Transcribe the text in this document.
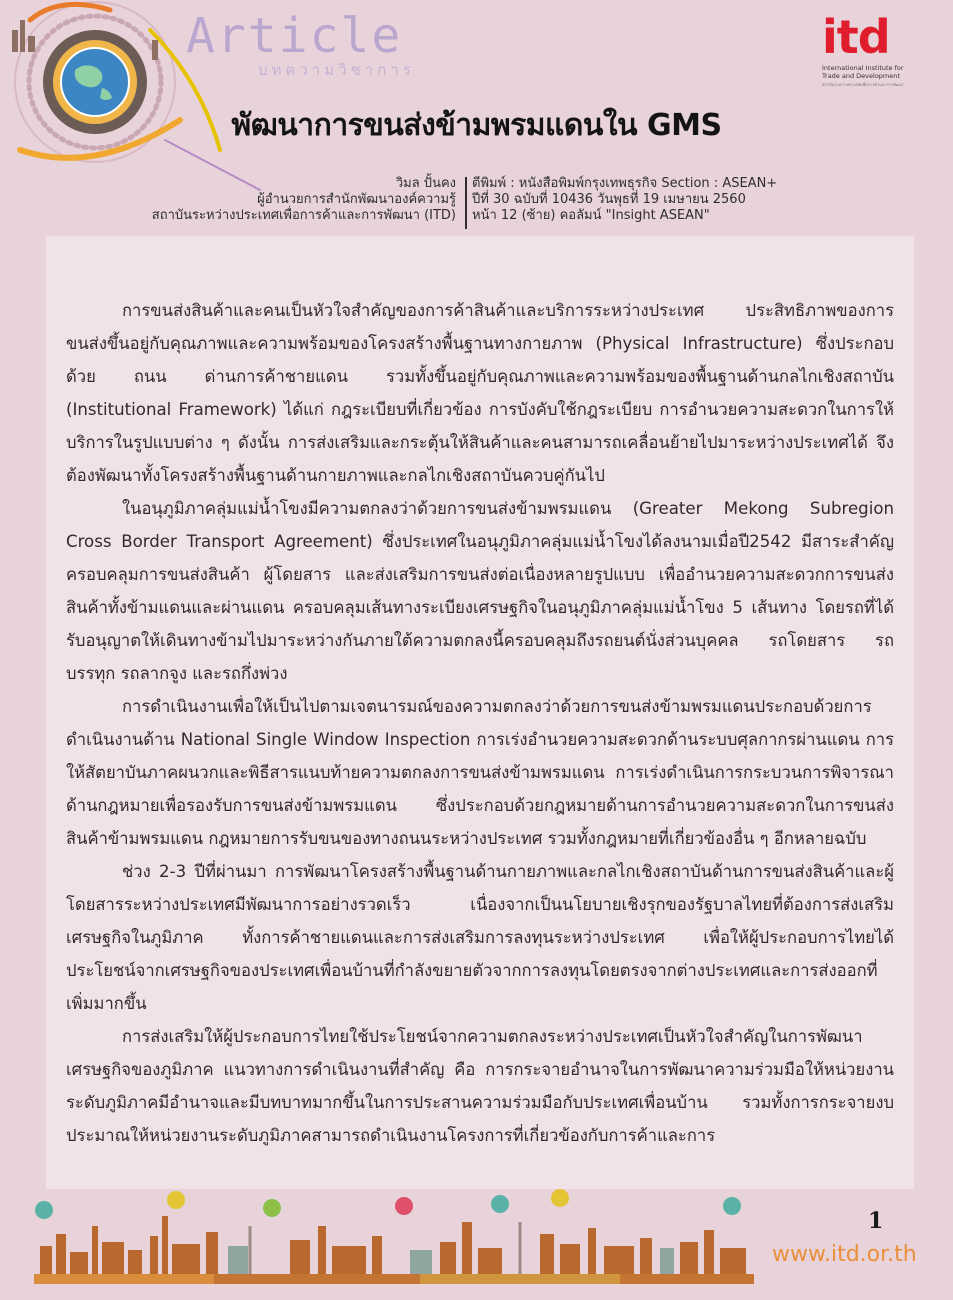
Article
บทความวิชาการ
itd
International Institute for
Trade and Development
สถาบันระหว่างประเทศเพื่อการค้าและการพัฒนา
พัฒนาการขนส่งข้ามพรมแดนใน GMS
วิมล ปั้นคง
ผู้อำนวยการสำนักพัฒนาองค์ความรู้
สถาบันระหว่างประเทศเพื่อการค้าและการพัฒนา (ITD)
ตีพิมพ์ : หนังสือพิมพ์กรุงเทพธุรกิจ Section : ASEAN+
ปีที่ 30 ฉบับที่ 10436 วันพุธที่ 19 เมษายน 2560
หน้า 12 (ซ้าย) คอลัมน์ "Insight ASEAN"

การขนส่งสินค้าและคนเป็นหัวใจสำคัญของการค้าสินค้าและบริการระหว่างประเทศ ประสิทธิภาพของการขนส่งขึ้นอยู่กับคุณภาพและความพร้อมของโครงสร้างพื้นฐานทางกายภาพ (Physical Infrastructure) ซึ่งประกอบด้วย ถนน ด่านการค้าชายแดน รวมทั้งขึ้นอยู่กับคุณภาพและความพร้อมของพื้นฐานด้านกลไกเชิงสถาบัน (Institutional Framework) ได้แก่ กฎระเบียบที่เกี่ยวข้อง การบังคับใช้กฎระเบียบ การอำนวยความสะดวกในการให้บริการในรูปแบบต่าง ๆ ดังนั้น การส่งเสริมและกระตุ้นให้สินค้าและคนสามารถเคลื่อนย้ายไปมาระหว่างประเทศได้ จึงต้องพัฒนาทั้งโครงสร้างพื้นฐานด้านกายภาพและกลไกเชิงสถาบันควบคู่กันไป

ในอนุภูมิภาคลุ่มแม่น้ำโขงมีความตกลงว่าด้วยการขนส่งข้ามพรมแดน (Greater Mekong Subregion Cross Border Transport Agreement) ซึ่งประเทศในอนุภูมิภาคลุ่มแม่น้ำโขงได้ลงนามเมื่อปี2542 มีสาระสำคัญครอบคลุมการขนส่งสินค้า ผู้โดยสาร และส่งเสริมการขนส่งต่อเนื่องหลายรูปแบบ เพื่ออำนวยความสะดวกการขนส่งสินค้าทั้งข้ามแดนและผ่านแดน ครอบคลุมเส้นทางระเบียงเศรษฐกิจในอนุภูมิภาคลุ่มแม่น้ำโขง 5 เส้นทาง โดยรถที่ได้รับอนุญาตให้เดินทางข้ามไปมาระหว่างกันภายใต้ความตกลงนี้ครอบคลุมถึงรถยนต์นั่งส่วนบุคคล รถโดยสาร รถบรรทุก รถลากจูง และรถกึ่งพ่วง

การดำเนินงานเพื่อให้เป็นไปตามเจตนารมณ์ของความตกลงว่าด้วยการขนส่งข้ามพรมแดนประกอบด้วยการดำเนินงานด้าน National Single Window Inspection การเร่งอำนวยความสะดวกด้านระบบศุลกากรผ่านแดน การให้สัตยาบันภาคผนวกและพิธีสารแนบท้ายความตกลงการขนส่งข้ามพรมแดน การเร่งดำเนินการกระบวนการพิจารณาด้านกฎหมายเพื่อรองรับการขนส่งข้ามพรมแดน ซึ่งประกอบด้วยกฎหมายด้านการอำนวยความสะดวกในการขนส่งสินค้าข้ามพรมแดน กฎหมายการรับขนของทางถนนระหว่างประเทศ รวมทั้งกฎหมายที่เกี่ยวข้องอื่น ๆ อีกหลายฉบับ

ช่วง 2-3 ปีที่ผ่านมา การพัฒนาโครงสร้างพื้นฐานด้านกายภาพและกลไกเชิงสถาบันด้านการขนส่งสินค้าและผู้โดยสารระหว่างประเทศมีพัฒนาการอย่างรวดเร็ว เนื่องจากเป็นนโยบายเชิงรุกของรัฐบาลไทยที่ต้องการส่งเสริมเศรษฐกิจในภูมิภาค ทั้งการค้าชายแดนและการส่งเสริมการลงทุนระหว่างประเทศ เพื่อให้ผู้ประกอบการไทยได้ประโยชน์จากเศรษฐกิจของประเทศเพื่อนบ้านที่กำลังขยายตัวจากการลงทุนโดยตรงจากต่างประเทศและการส่งออกที่เพิ่มมากขึ้น

การส่งเสริมให้ผู้ประกอบการไทยใช้ประโยชน์จากความตกลงระหว่างประเทศเป็นหัวใจสำคัญในการพัฒนาเศรษฐกิจของภูมิภาค แนวทางการดำเนินงานที่สำคัญ คือ การกระจายอำนาจในการพัฒนาความร่วมมือให้หน่วยงานระดับภูมิภาคมีอำนาจและมีบทบาทมากขึ้นในการประสานความร่วมมือกับประเทศเพื่อนบ้าน รวมทั้งการกระจายงบประมาณให้หน่วยงานระดับภูมิภาคสามารถดำเนินงานโครงการที่เกี่ยวข้องกับการค้าและการ

1
www.itd.or.th
